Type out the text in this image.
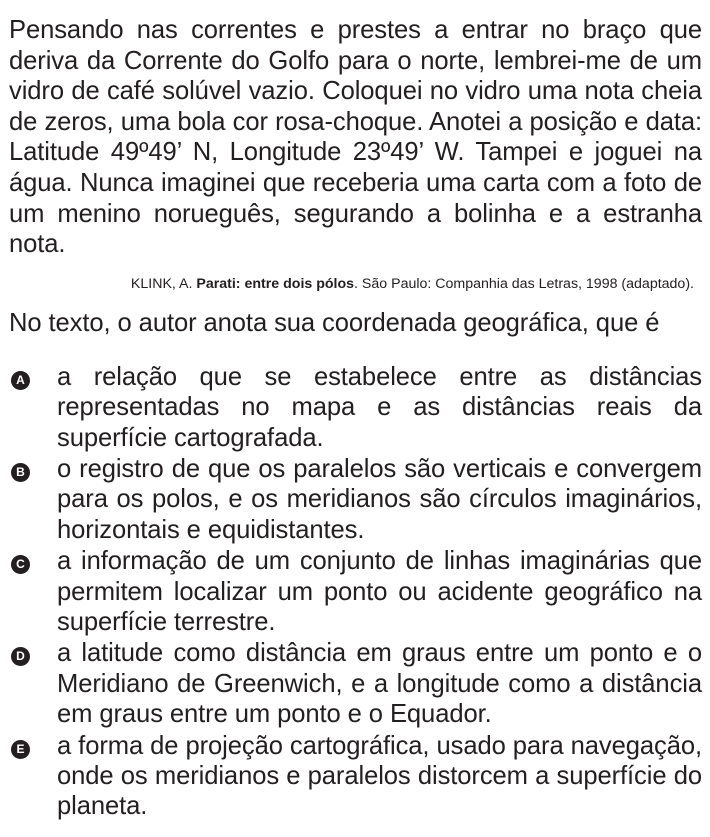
Pensando nas correntes e prestes a entrar no braço que deriva da Corrente do Golfo para o norte, lembrei-me de um vidro de café solúvel vazio. Coloquei no vidro uma nota cheia de zeros, uma bola cor rosa-choque. Anotei a posição e data: Latitude 49º49’ N, Longitude 23º49’ W. Tampei e joguei na água. Nunca imaginei que receberia uma carta com a foto de um menino norueguês, segurando a bolinha e a estranha nota.

KLINK, A. Parati: entre dois pólos. São Paulo: Companhia das Letras, 1998 (adaptado).

No texto, o autor anota sua coordenada geográfica, que é

A a relação que se estabelece entre as distâncias representadas no mapa e as distâncias reais da superfície cartografada.
B o registro de que os paralelos são verticais e convergem para os polos, e os meridianos são círculos imaginários, horizontais e equidistantes.
C a informação de um conjunto de linhas imaginárias que permitem localizar um ponto ou acidente geográfico na superfície terrestre.
D a latitude como distância em graus entre um ponto e o Meridiano de Greenwich, e a longitude como a distância em graus entre um ponto e o Equador.
E a forma de projeção cartográfica, usado para navegação, onde os meridianos e paralelos distorcem a superfície do planeta.
